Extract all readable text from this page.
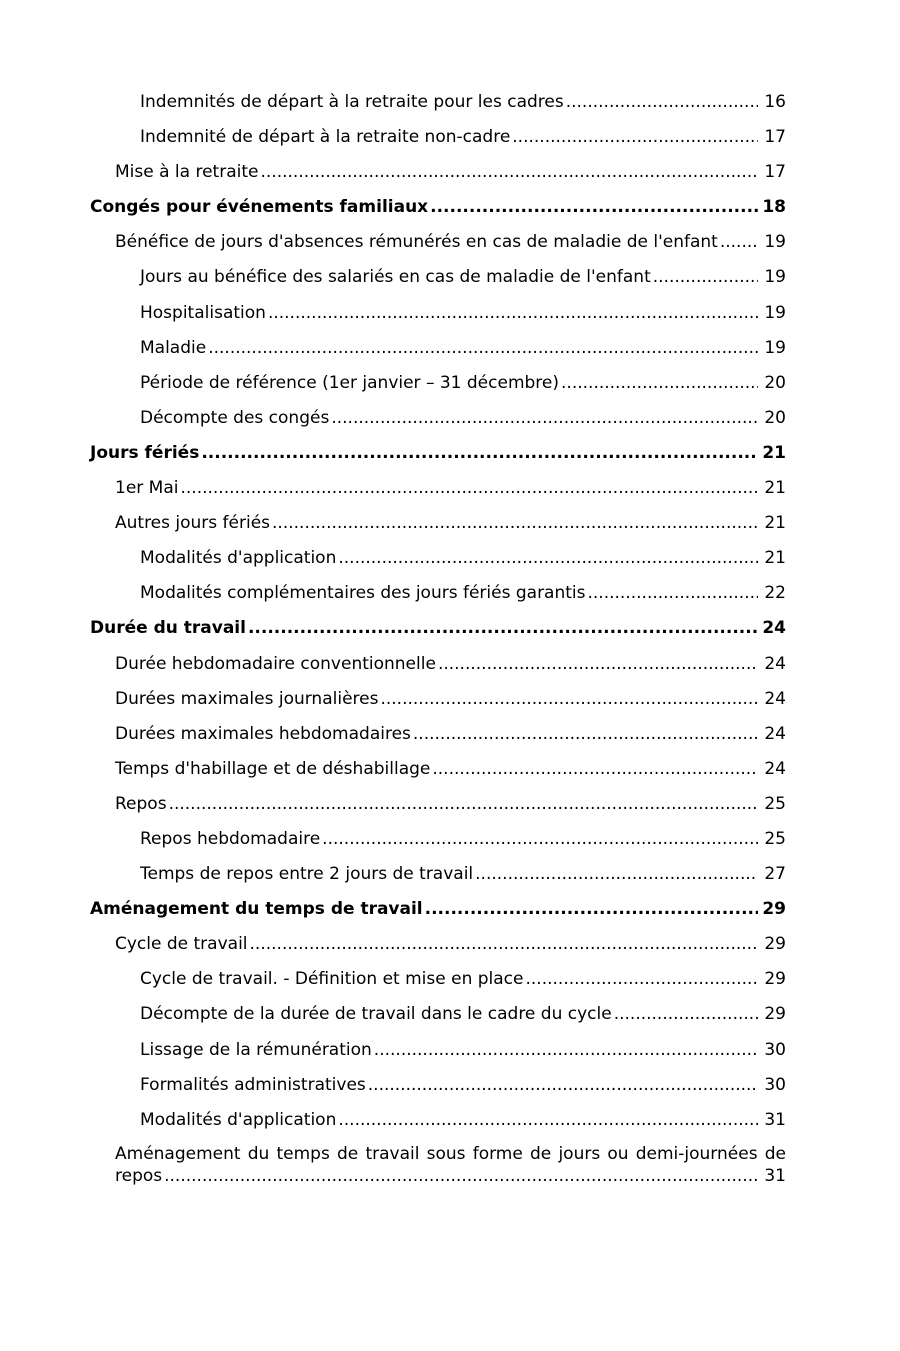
Indemnités de départ à la retraite pour les cadres .....	16
Indemnité de départ à la retraite non-cadre .....	17
Mise à la retraite .....	17
Congés pour événements familiaux .....	18
Bénéfice de jours d'absences rémunérés en cas de maladie de l'enfant .....	19
Jours au bénéfice des salariés en cas de maladie de l'enfant .....	19
Hospitalisation .....	19
Maladie .....	19
Période de référence (1er janvier – 31 décembre) .....	20
Décompte des congés .....	20
Jours fériés .....	21
1er Mai .....	21
Autres jours fériés .....	21
Modalités d'application .....	21
Modalités complémentaires des jours fériés garantis .....	22
Durée du travail .....	24
Durée hebdomadaire conventionnelle .....	24
Durées maximales journalières .....	24
Durées maximales hebdomadaires .....	24
Temps d'habillage et de déshabillage .....	24
Repos .....	25
Repos hebdomadaire .....	25
Temps de repos entre 2 jours de travail .....	27
Aménagement du temps de travail .....	29
Cycle de travail .....	29
Cycle de travail. - Définition et mise en place .....	29
Décompte de la durée de travail dans le cadre du cycle .....	29
Lissage de la rémunération .....	30
Formalités administratives .....	30
Modalités d'application .....	31
Aménagement du temps de travail sous forme de jours ou demi-journées de
repos .....	31
